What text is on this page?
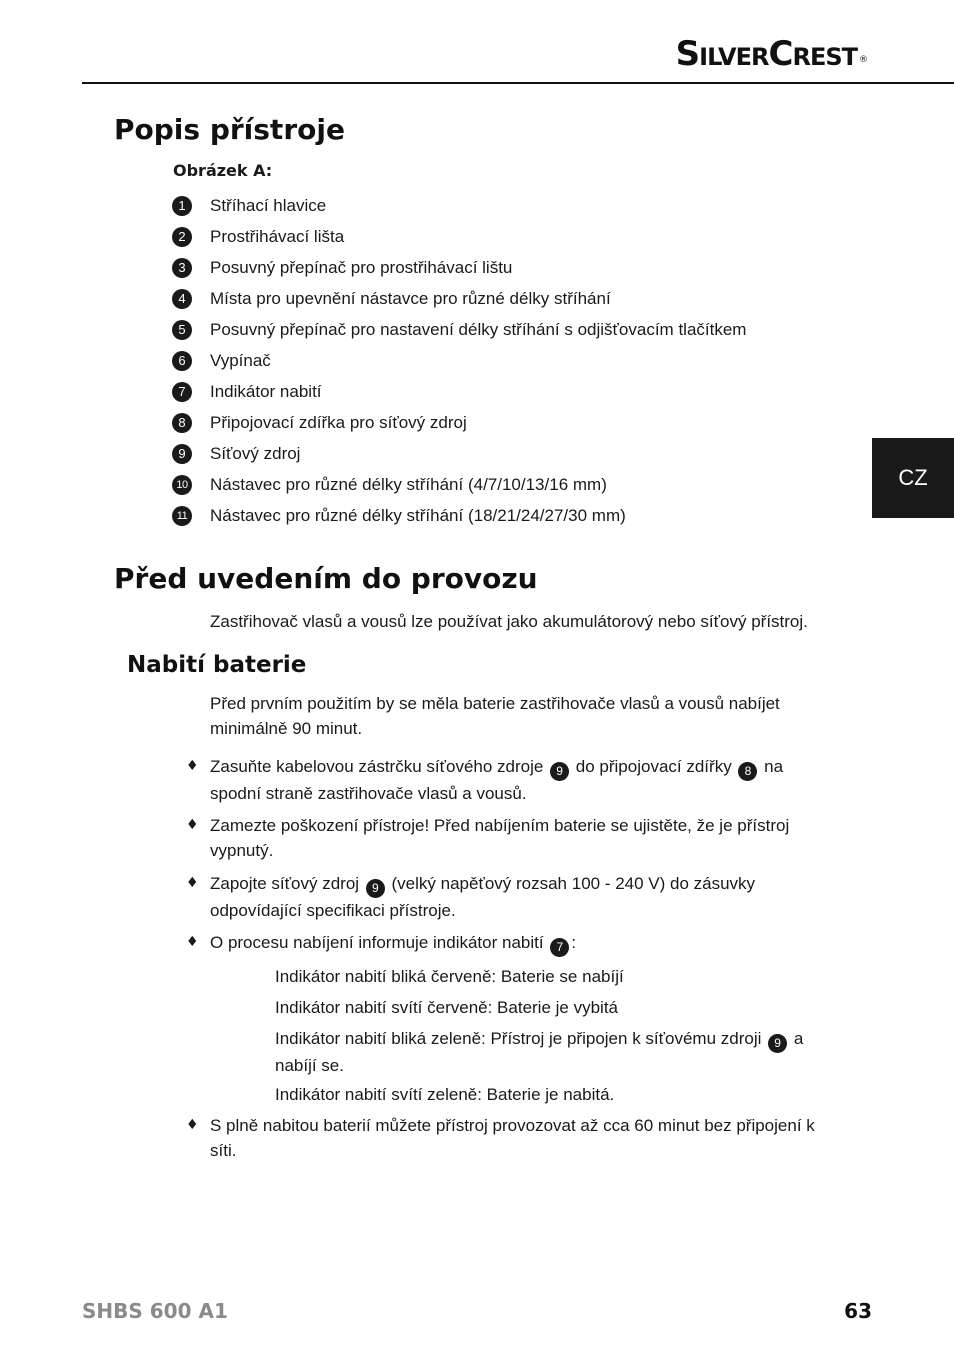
SilverCrest ®
CZ
Popis přístroje
Obrázek A:
1	Stříhací hlavice
2	Prostřihávací lišta
3	Posuvný přepínač pro prostřihávací lištu
4	Místa pro upevnění nástavce pro různé délky stříhání
5	Posuvný přepínač pro nastavení délky stříhání s odjišťovacím tlačítkem
6	Vypínač
7	Indikátor nabití
8	Připojovací zdířka pro síťový zdroj
9	Síťový zdroj
10 Nástavec pro různé délky stříhání (4/7/10/13/16 mm)
11 Nástavec pro různé délky stříhání (18/21/24/27/30 mm)
Před uvedením do provozu

Zastřihovač vlasů a vousů lze používat jako akumulátorový nebo síťový přístroj.

Nabití baterie

Před prvním použitím by se měla baterie zastřihovače vlasů a vousů nabíjet minimálně 90 minut.

♦ Zasuňte kabelovou zástrčku síťového zdroje 9 do připojovací zdířky 8 na spodní straně zastřihovače vlasů a vousů.

♦ Zamezte poškození přístroje! Před nabíjením baterie se ujistěte, že je přístroj vypnutý.

♦ Zapojte síťový zdroj 9 (velký napěťový rozsah 100 - 240 V) do zásuvky odpovídající specifikaci přístroje.

♦ O procesu nabíjení informuje indikátor nabití 7 :

Indikátor nabití bliká červeně: Baterie se nabíjí

Indikátor nabití svítí červeně: Baterie je vybitá

Indikátor nabití bliká zeleně: Přístroj je připojen k síťovému zdroji 9 a nabíjí se.

Indikátor nabití svítí zeleně: Baterie je nabitá.

♦ S plně nabitou baterií můžete přístroj provozovat až cca 60 minut bez připojení k síti.

SHBS 600 A1	63
